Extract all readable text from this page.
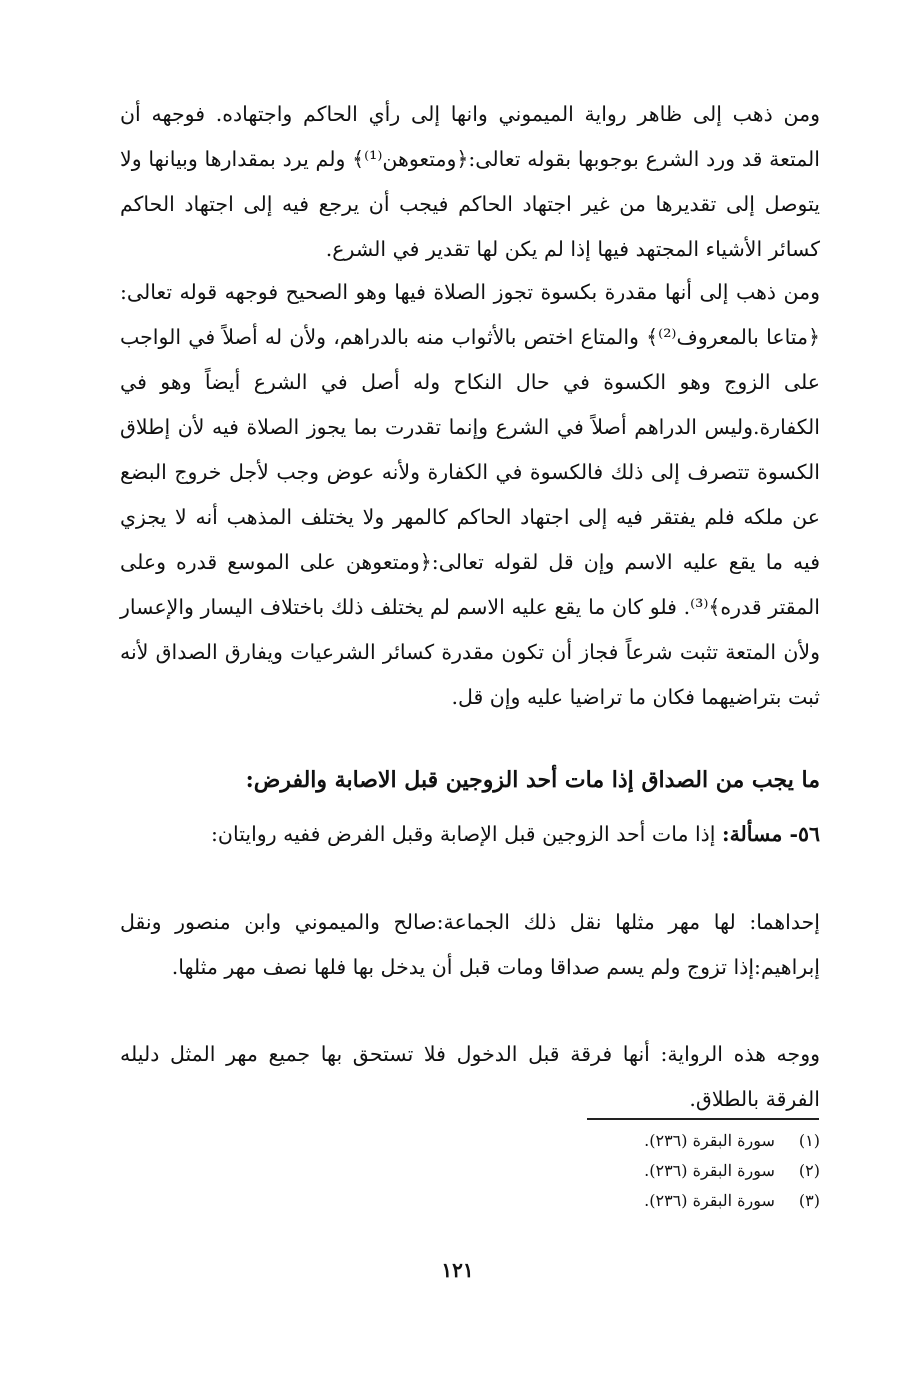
ومن ذهب إلى ظاهر رواية الميموني وانها إلى رأي الحاكم واجتهاده. فوجهه أن المتعة قد ورد الشرع بوجوبها بقوله تعالى:﴿ومتعوهن⁽¹⁾﴾ ولم يرد بمقدارها وبيانها ولا يتوصل إلى تقديرها من غير اجتهاد الحاكم فيجب أن يرجع فيه إلى اجتهاد الحاكم كسائر الأشياء المجتهد فيها إذا لم يكن لها تقدير في الشرع.

ومن ذهب إلى أنها مقدرة بكسوة تجوز الصلاة فيها وهو الصحيح فوجهه قوله تعالى: ﴿متاعا بالمعروف⁽²⁾﴾ والمتاع اختص بالأثواب منه بالدراهم، ولأن له أصلاً في الواجب على الزوج وهو الكسوة في حال النكاح وله أصل في الشرع أيضاً وهو في الكفارة.وليس الدراهم أصلاً في الشرع وإنما تقدرت بما يجوز الصلاة فيه لأن إطلاق الكسوة تتصرف إلى ذلك فالكسوة في الكفارة ولأنه عوض وجب لأجل خروج البضع عن ملكه فلم يفتقر فيه إلى اجتهاد الحاكم كالمهر ولا يختلف المذهب أنه لا يجزي فيه ما يقع عليه الاسم وإن قل لقوله تعالى:﴿ومتعوهن على الموسع قدره وعلى المقتر قدره﴾⁽³⁾. فلو كان ما يقع عليه الاسم لم يختلف ذلك باختلاف اليسار والإعسار ولأن المتعة تثبت شرعاً فجاز أن تكون مقدرة كسائر الشرعيات ويفارق الصداق لأنه ثبت بتراضيهما فكان ما تراضيا عليه وإن قل.

ما يجب من الصداق إذا مات أحد الزوجين قبل الاصابة والفرض:

٥٦- مسألة: إذا مات أحد الزوجين قبل الإصابة وقبل الفرض ففيه روايتان:

إحداهما: لها مهر مثلها نقل ذلك الجماعة:صالح والميموني وابن منصور ونقل إبراهيم:إذا تزوج ولم يسم صداقا ومات قبل أن يدخل بها فلها نصف مهر مثلها.

ووجه هذه الرواية: أنها فرقة قبل الدخول فلا تستحق بها جميع مهر المثل دليله الفرقة بالطلاق.

(١) سورة البقرة (٢٣٦).
(٢) سورة البقرة (٢٣٦).
(٣) سورة البقرة (٢٣٦).
١٢١
